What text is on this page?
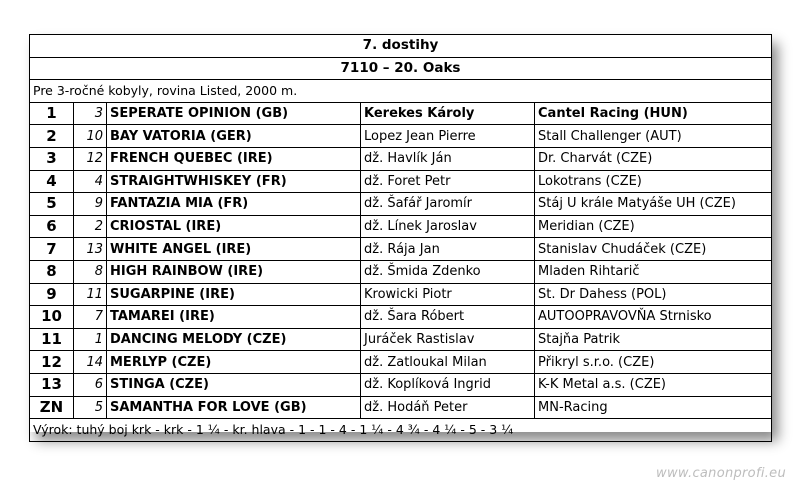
7. dostihy				
7110 – 20. Oaks				
Pre 3-ročné kobyly, rovina Listed, 2000 m.				
1	3	SEPERATE OPINION (GB)	Kerekes Károly	Cantel Racing (HUN)
2	10	BAY VATORIA (GER)	Lopez Jean Pierre	Stall Challenger (AUT)
3	12	FRENCH QUEBEC (IRE)	dž. Havlík Ján	Dr. Charvát (CZE)
4	4	STRAIGHTWHISKEY (FR)	dž. Foret Petr	Lokotrans (CZE)
5	9	FANTAZIA MIA (FR)	dž. Šafář Jaromír	Stáj U krále Matyáše UH (CZE)
6	2	CRIOSTAL (IRE)	dž. Línek Jaroslav	Meridian (CZE)
7	13	WHITE ANGEL (IRE)	dž. Rája Jan	Stanislav Chudáček (CZE)
8	8	HIGH RAINBOW (IRE)	dž. Šmida Zdenko	Mladen Rihtarič
9	11	SUGARPINE (IRE)	Krowicki Piotr	St. Dr Dahess (POL)
10	7	TAMAREI (IRE)	dž. Šara Róbert	AUTOOPRAVOVŇA Strnisko
11	1	DANCING MELODY (CZE)	Juráček Rastislav	Stajňa Patrik
12	14	MERLYP (CZE)	dž. Zatloukal Milan	Přikryl s.r.o. (CZE)
13	6	STINGA (CZE)	dž. Koplíková Ingrid	K-K Metal a.s. (CZE)
ZN	5	SAMANTHA FOR LOVE (GB)	dž. Hodáň Peter	MN-Racing
Výrok: tuhý boj krk - krk - 1 ¼ - kr. hlava - 1 - 1 - 4 - 1 ¼ - 4 ¾ - 4 ¼ - 5 - 3 ¼				
www.canonprofi.eu
